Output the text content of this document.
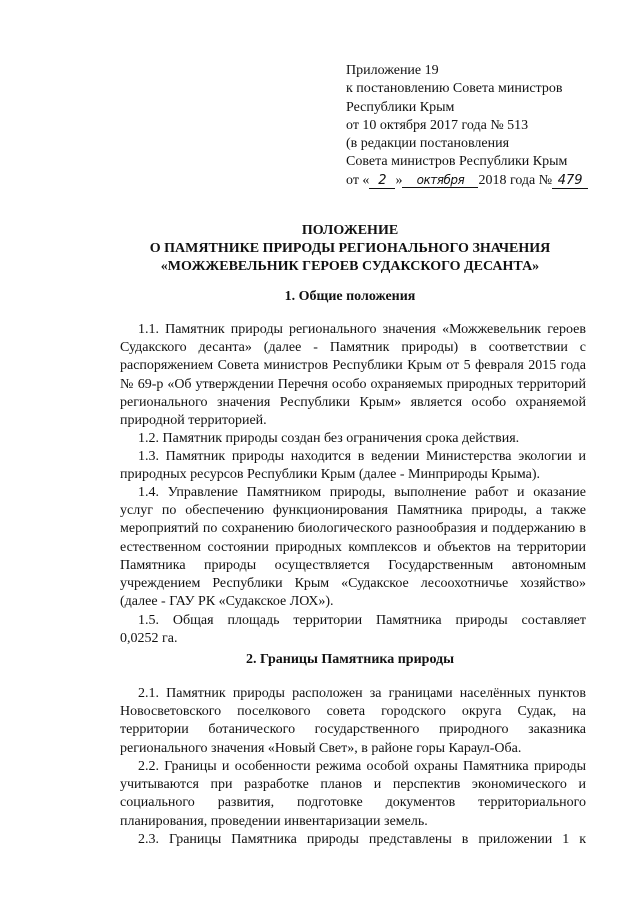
Приложение 19
к постановлению Совета министров
Республики Крым
от 10 октября 2017 года № 513
(в редакции постановления
Совета министров Республики Крым
от « 2 » октября 2018 года № 479
ПОЛОЖЕНИЕ
О ПАМЯТНИКЕ ПРИРОДЫ РЕГИОНАЛЬНОГО ЗНАЧЕНИЯ
«МОЖЖЕВЕЛЬНИК ГЕРОЕВ СУДАКСКОГО ДЕСАНТА»
1. Общие положения
1.1. Памятник природы регионального значения «Можжевельник героев
Судакского десанта» (далее - Памятник природы) в соответствии с
распоряжением Совета министров Республики Крым от 5 февраля 2015 года
№ 69-р «Об утверждении Перечня особо охраняемых природных территорий
регионального значения Республики Крым» является особо охраняемой
природной территорией.
1.2. Памятник природы создан без ограничения срока действия.
1.3. Памятник природы находится в ведении Министерства экологии и
природных ресурсов Республики Крым (далее - Минприроды Крыма).
1.4. Управление Памятником природы, выполнение работ и оказание
услуг по обеспечению функционирования Памятника природы, а также
мероприятий по сохранению биологического разнообразия и поддержанию в
естественном состоянии природных комплексов и объектов на территории
Памятника природы осуществляется Государственным автономным
учреждением Республики Крым «Судакское лесоохотничье хозяйство»
(далее - ГАУ РК «Судакское ЛОХ»).
1.5. Общая площадь территории Памятника природы составляет
0,0252 га.
2. Границы Памятника природы
2.1. Памятник природы расположен за границами населённых пунктов
Новосветовского поселкового совета городского округа Судак, на
территории ботанического государственного природного заказника
регионального значения «Новый Свет», в районе горы Караул-Оба.
2.2. Границы и особенности режима особой охраны Памятника природы
учитываются при разработке планов и перспектив экономического и
социального развития, подготовке документов территориального
планирования, проведении инвентаризации земель.
2.3. Границы Памятника природы представлены в приложении 1 к
